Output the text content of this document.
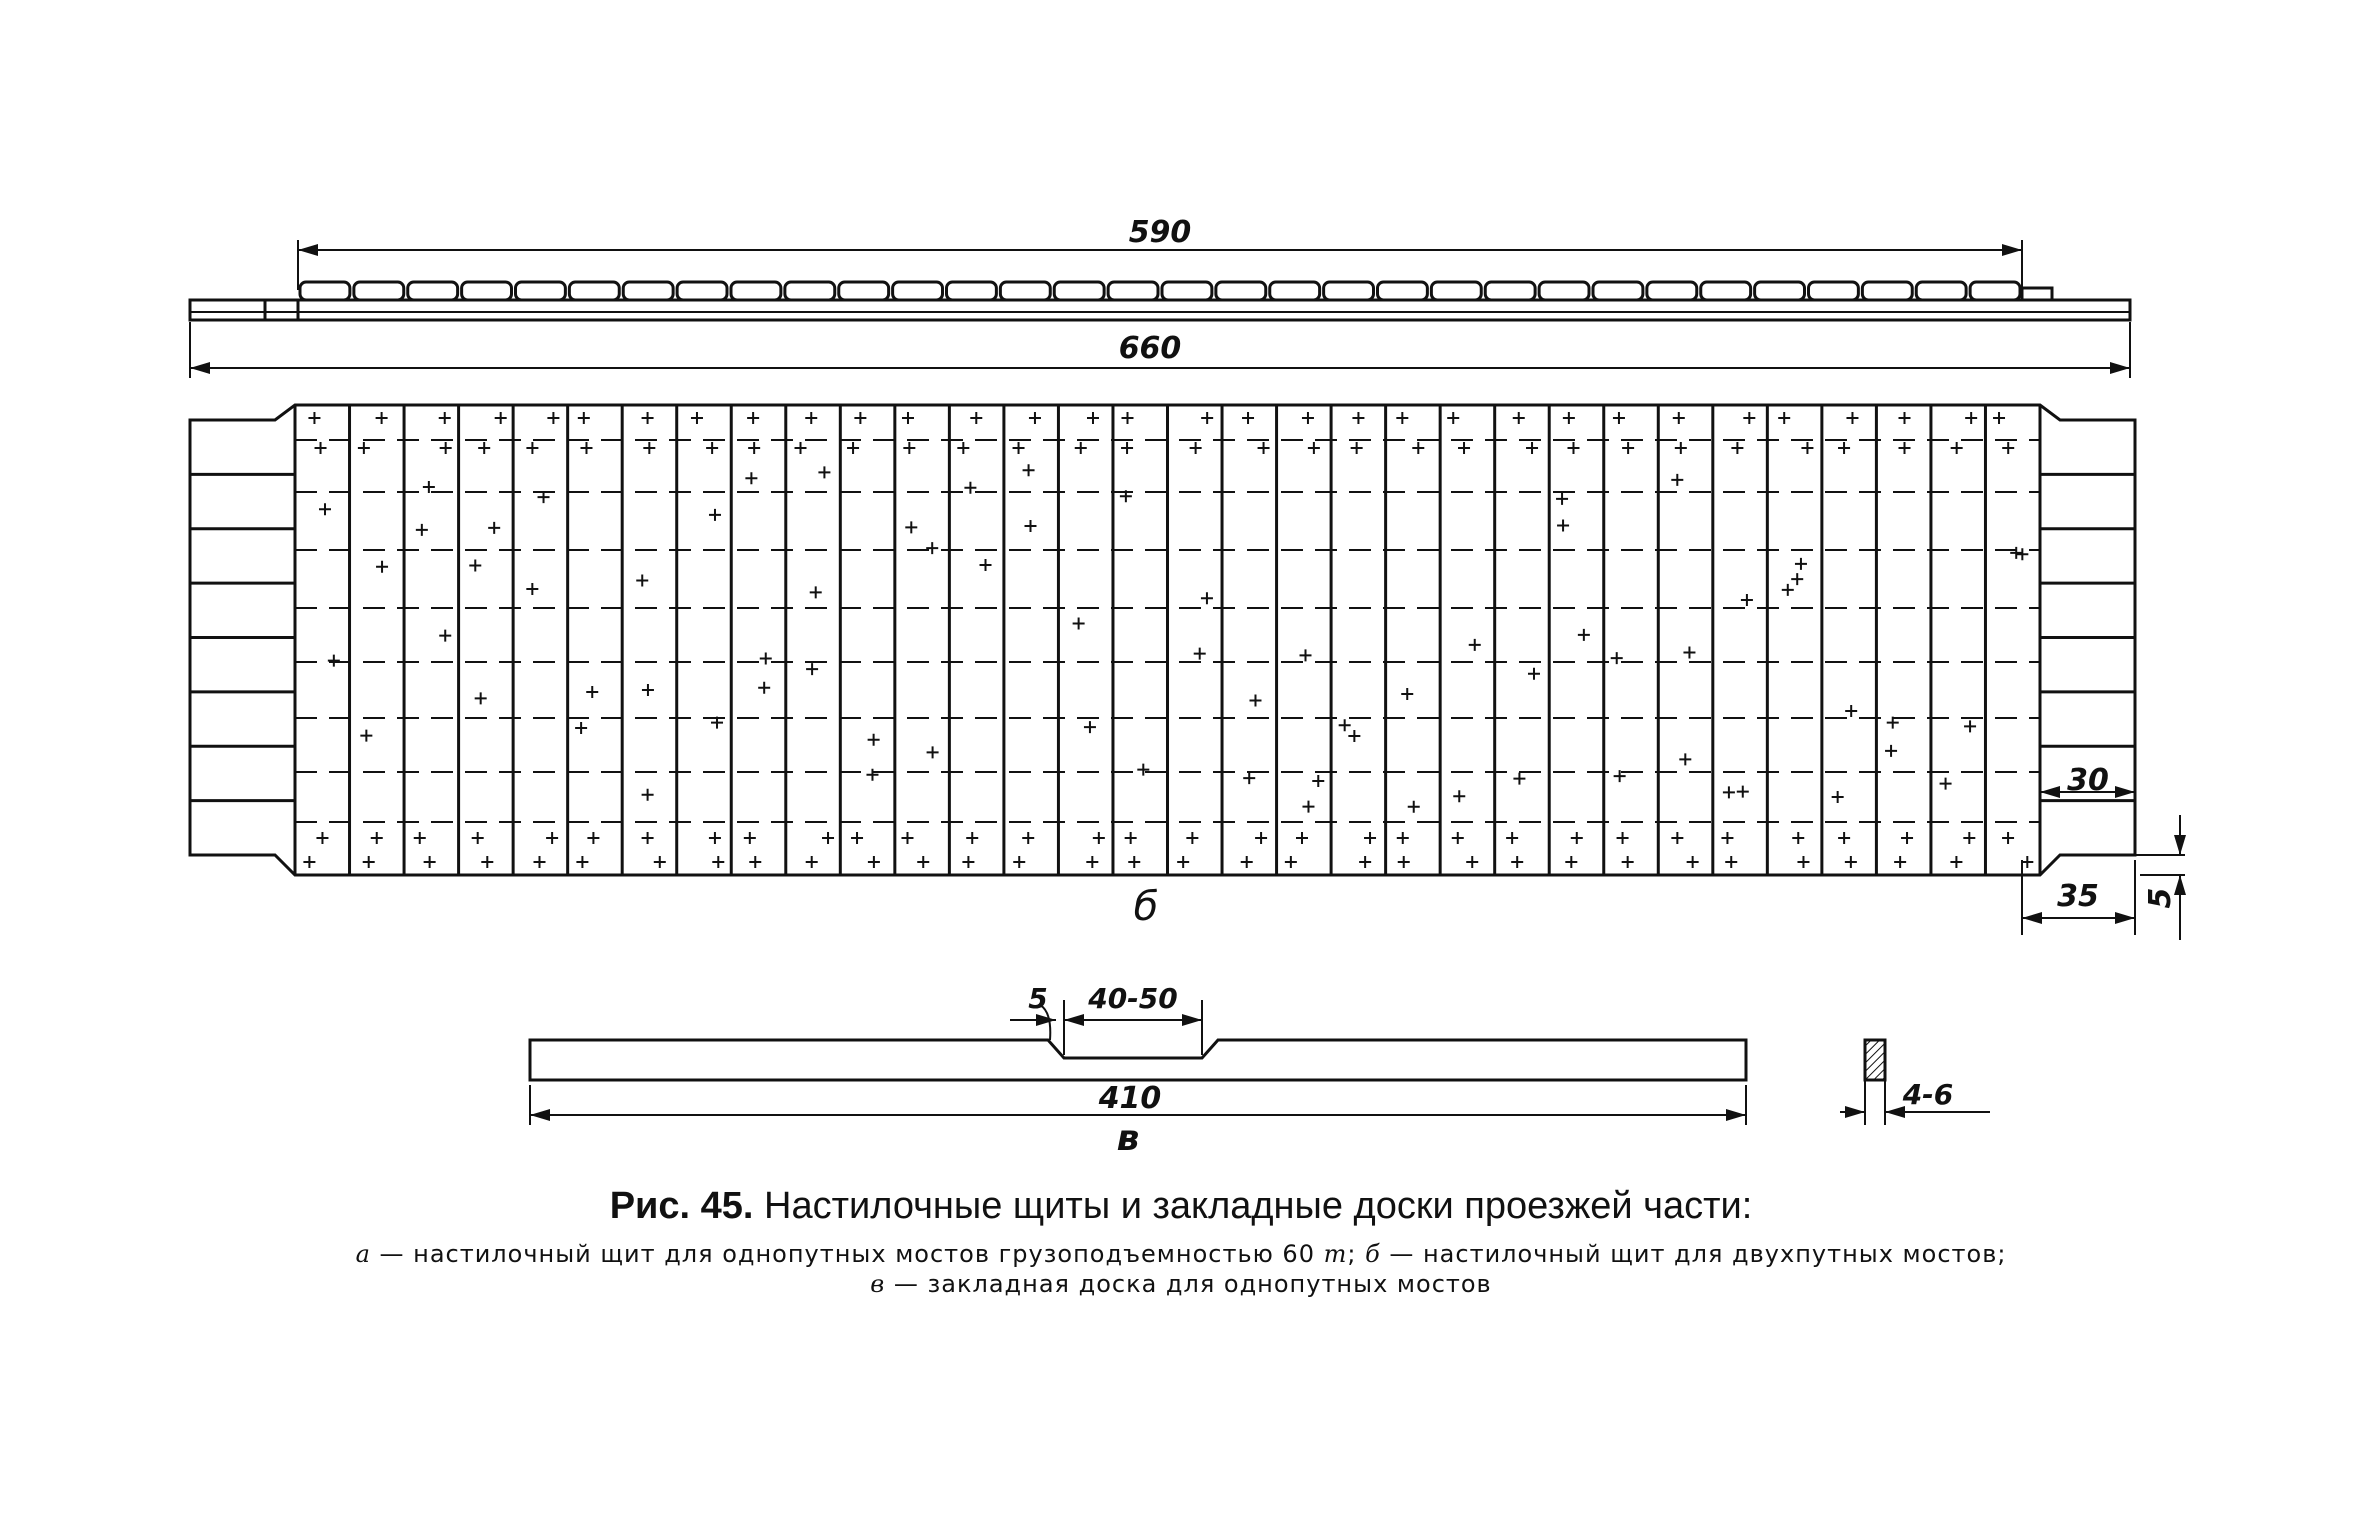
590
660
30
35 5
б
5 40-50
410
в
4-6
Рис. 45. Настилочные щиты и закладные доски проезжей части:
а — настилочный щит для однопутных мостов грузоподъемностью 60 т; б — настилочный щит для двухпутных мостов;
в — закладная доска для однопутных мостов
